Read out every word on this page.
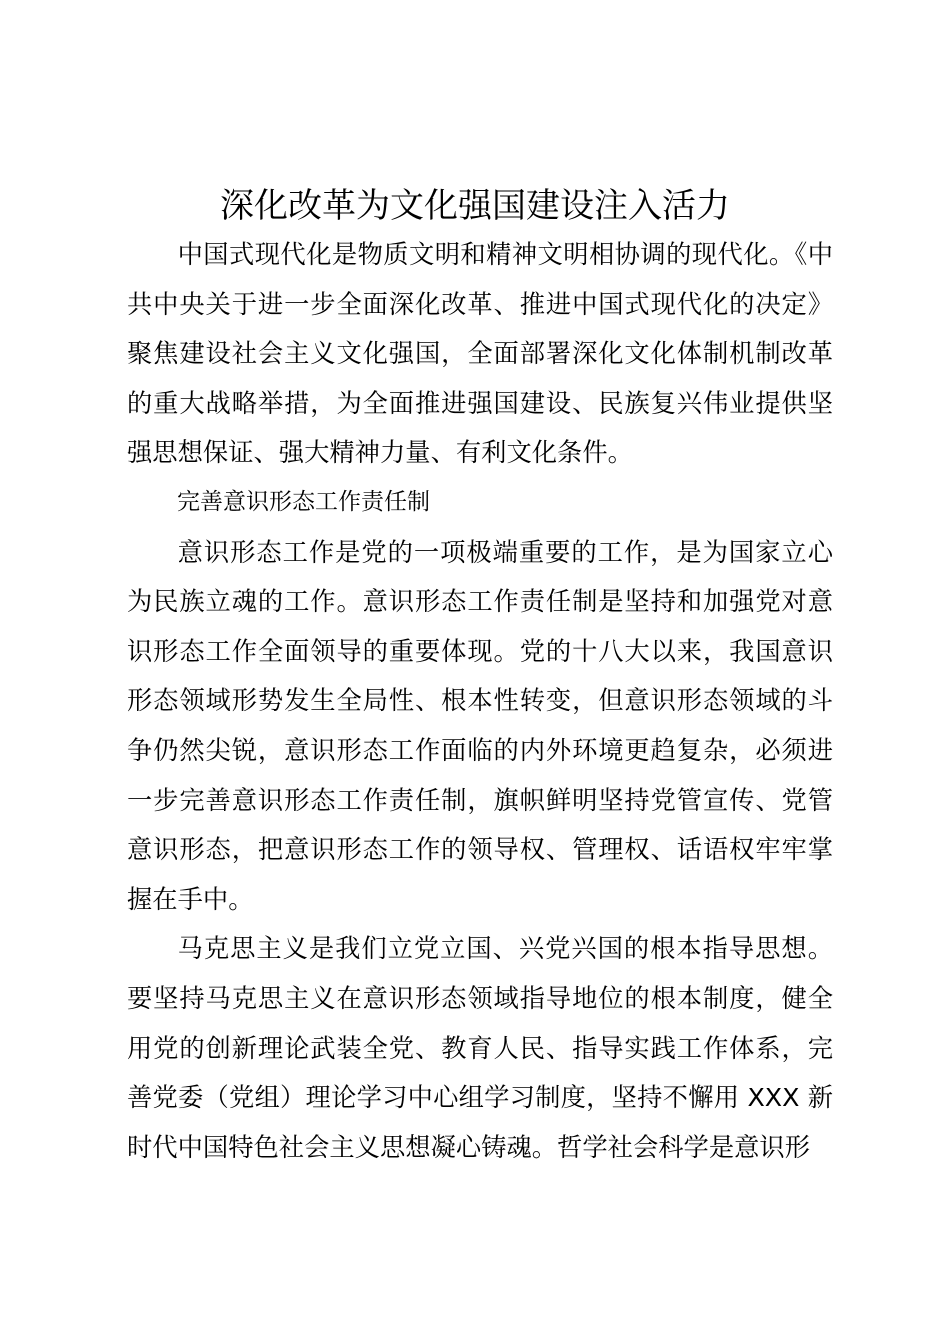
深化改革为文化强国建设注入活力

中国式现代化是物质文明和精神文明相协调的现代化。《中共中央关于进一步全面深化改革、推进中国式现代化的决定》聚焦建设社会主义文化强国，全面部署深化文化体制机制改革的重大战略举措，为全面推进强国建设、民族复兴伟业提供坚强思想保证、强大精神力量、有利文化条件。

完善意识形态工作责任制

意识形态工作是党的一项极端重要的工作，是为国家立心为民族立魂的工作。意识形态工作责任制是坚持和加强党对意识形态工作全面领导的重要体现。党的十八大以来，我国意识形态领域形势发生全局性、根本性转变，但意识形态领域的斗争仍然尖锐，意识形态工作面临的内外环境更趋复杂，必须进一步完善意识形态工作责任制，旗帜鲜明坚持党管宣传、党管意识形态，把意识形态工作的领导权、管理权、话语权牢牢掌握在手中。

马克思主义是我们立党立国、兴党兴国的根本指导思想。要坚持马克思主义在意识形态领域指导地位的根本制度，健全用党的创新理论武装全党、教育人民、指导实践工作体系，完善党委（党组）理论学习中心组学习制度，坚持不懈用 XXX 新时代中国特色社会主义思想凝心铸魂。哲学社会科学是意识形
